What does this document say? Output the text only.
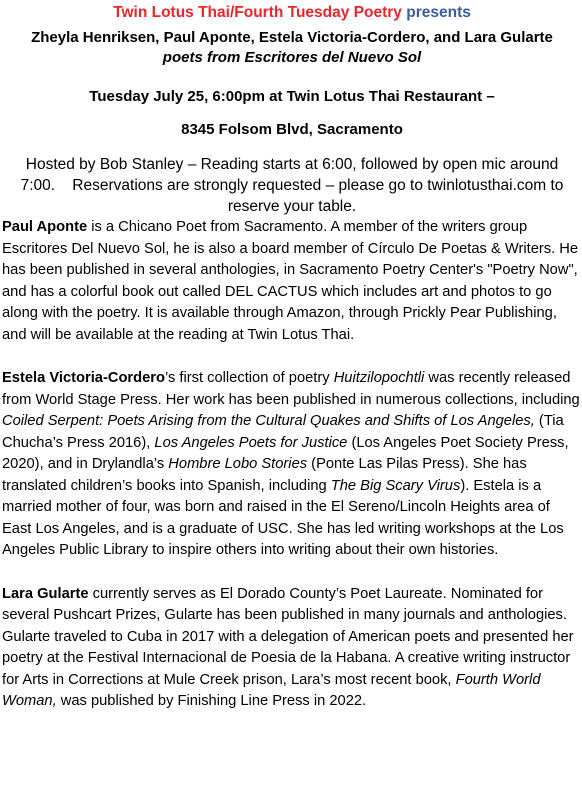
Twin Lotus Thai/Fourth Tuesday Poetry presents
Zheyla Henriksen, Paul Aponte, Estela Victoria-Cordero, and Lara Gularte
poets from Escritores del Nuevo Sol
Tuesday July 25, 6:00pm at Twin Lotus Thai Restaurant –
8345 Folsom Blvd, Sacramento
Hosted by Bob Stanley – Reading starts at 6:00, followed by open mic around 7:00.    Reservations are strongly requested – please go to twinlotusthai.com to reserve your table.

Paul Aponte is a Chicano Poet from Sacramento. A member of the writers group Escritores Del Nuevo Sol, he is also a board member of Círculo De Poetas & Writers. He has been published in several anthologies, in Sacramento Poetry Center's "Poetry Now", and has a colorful book out called DEL CACTUS which includes art and photos to go along with the poetry. It is available through Amazon, through Prickly Pear Publishing, and will be available at the reading at Twin Lotus Thai.

Estela Victoria-Cordero’s first collection of poetry Huitzilopochtli was recently released from World Stage Press. Her work has been published in numerous collections, including Coiled Serpent: Poets Arising from the Cultural Quakes and Shifts of Los Angeles, (Tia Chucha’s Press 2016), Los Angeles Poets for Justice (Los Angeles Poet Society Press, 2020), and in Drylandla’s Hombre Lobo Stories (Ponte Las Pilas Press). She has translated children’s books into Spanish, including The Big Scary Virus). Estela is a married mother of four, was born and raised in the El Sereno/Lincoln Heights area of East Los Angeles, and is a graduate of USC. She has led writing workshops at the Los Angeles Public Library to inspire others into writing about their own histories.

Lara Gularte currently serves as El Dorado County’s Poet Laureate. Nominated for several Pushcart Prizes, Gularte has been published in many journals and anthologies. Gularte traveled to Cuba in 2017 with a delegation of American poets and presented her poetry at the Festival Internacional de Poesia de la Habana. A creative writing instructor for Arts in Corrections at Mule Creek prison, Lara’s most recent book, Fourth World Woman, was published by Finishing Line Press in 2022.
